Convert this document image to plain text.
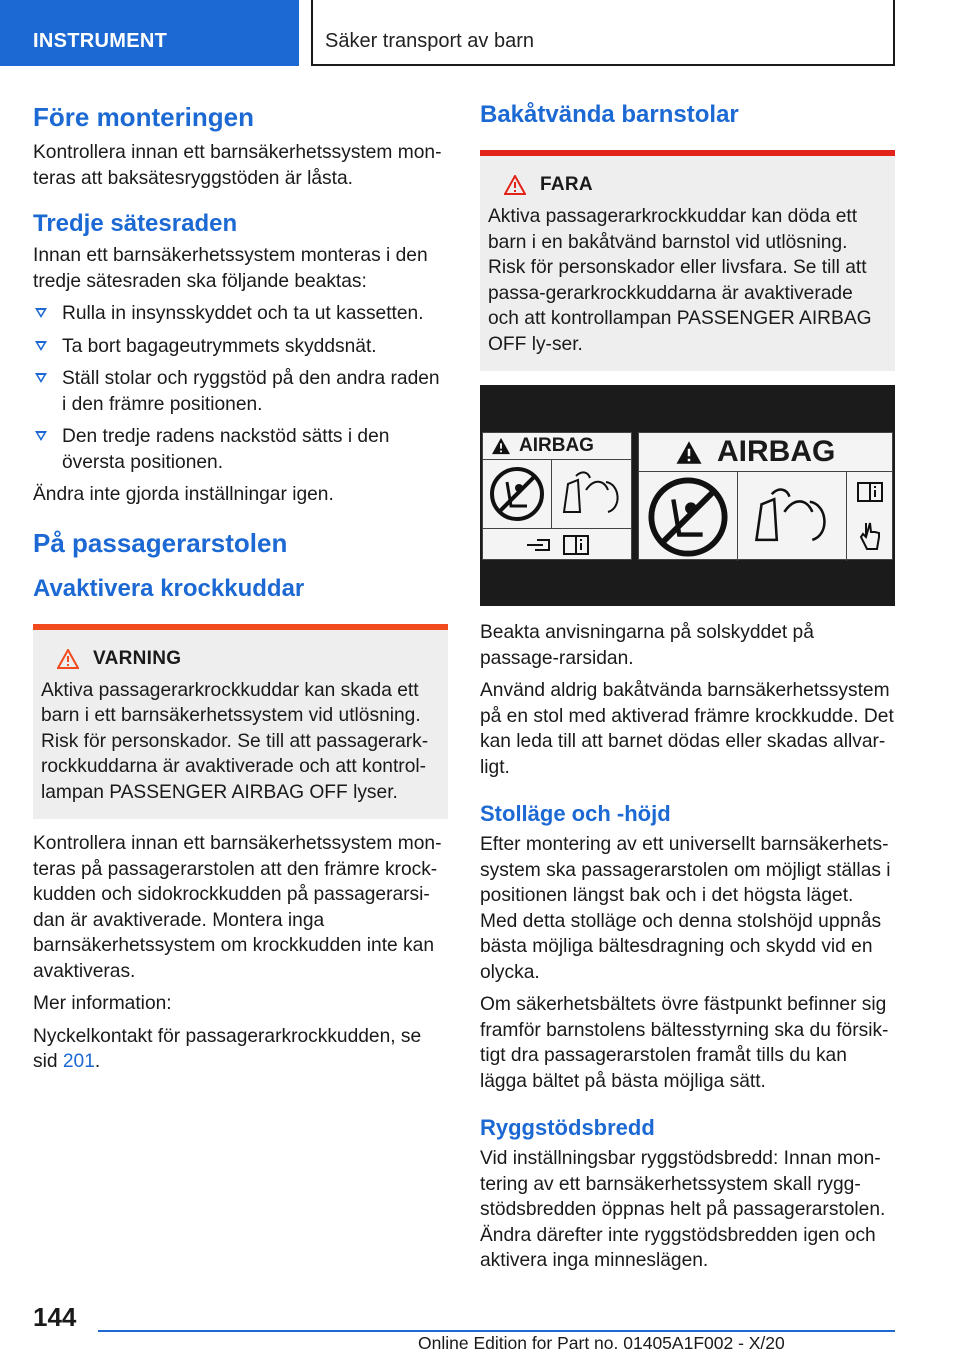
INSTRUMENT	Säker transport av barn
Före monteringen

Kontrollera innan ett barnsäkerhetssystem mon-teras att baksätesryggstöden är låsta.

Tredje sätesraden

Innan ett barnsäkerhetssystem monteras i den tredje sätesraden ska följande beaktas:

Rulla in insynsskyddet och ta ut kassetten.
Ta bort bagageutrymmets skyddsnät.
Ställ stolar och ryggstöd på den andra raden i den främre positionen.
Den tredje radens nackstöd sätts i den översta positionen.

Ändra inte gjorda inställningar igen.

På passagerarstolen
Avaktivera krockkuddar
VARNING

Aktiva passagerarkrockkuddar kan skada ett barn i ett barnsäkerhetssystem vid utlösning. Risk för personskador. Se till att passagerark-rockkuddarna är avaktiverade och att kontrol-lampan PASSENGER AIRBAG OFF lyser.

Kontrollera innan ett barnsäkerhetssystem mon-teras på passagerarstolen att den främre krock-kudden och sidokrockkudden på passagerarsi-dan är avaktiverade. Montera inga barnsäkerhetssystem om krockkudden inte kan avaktiveras.

Mer information:

Nyckelkontakt för passagerarkrockkudden, se sid 201.

Bakåtvända barnstolar
FARA

Aktiva passagerarkrockkuddar kan döda ett barn i en bakåtvänd barnstol vid utlösning. Risk för personskador eller livsfara. Se till att passa-gerarkrockkuddarna är avaktiverade och att kontrollampan PASSENGER AIRBAG OFF ly-ser.

AIRBAG	AIRBAG

Beakta anvisningarna på solskyddet på passage-rarsidan.

Använd aldrig bakåtvända barnsäkerhetssystem på en stol med aktiverad främre krockkudde. Det kan leda till att barnet dödas eller skadas allvar-ligt.

Stolläge och -höjd

Efter montering av ett universellt barnsäkerhets-system ska passagerarstolen om möjligt ställas i positionen längst bak och i det högsta läget. Med detta stolläge och denna stolshöjd uppnås bästa möjliga bältesdragning och skydd vid en olycka.

Om säkerhetsbältets övre fästpunkt befinner sig framför barnstolens bältesstyrning ska du försik-tigt dra passagerarstolen framåt tills du kan lägga bältet på bästa möjliga sätt.

Ryggstödsbredd

Vid inställningsbar ryggstödsbredd: Innan mon-tering av ett barnsäkerhetssystem skall rygg-stödsbredden öppnas helt på passagerarstolen. Ändra därefter inte ryggstödsbredden igen och aktivera inga minneslägen.

144
Online Edition for Part no. 01405A1F002 - X/20
